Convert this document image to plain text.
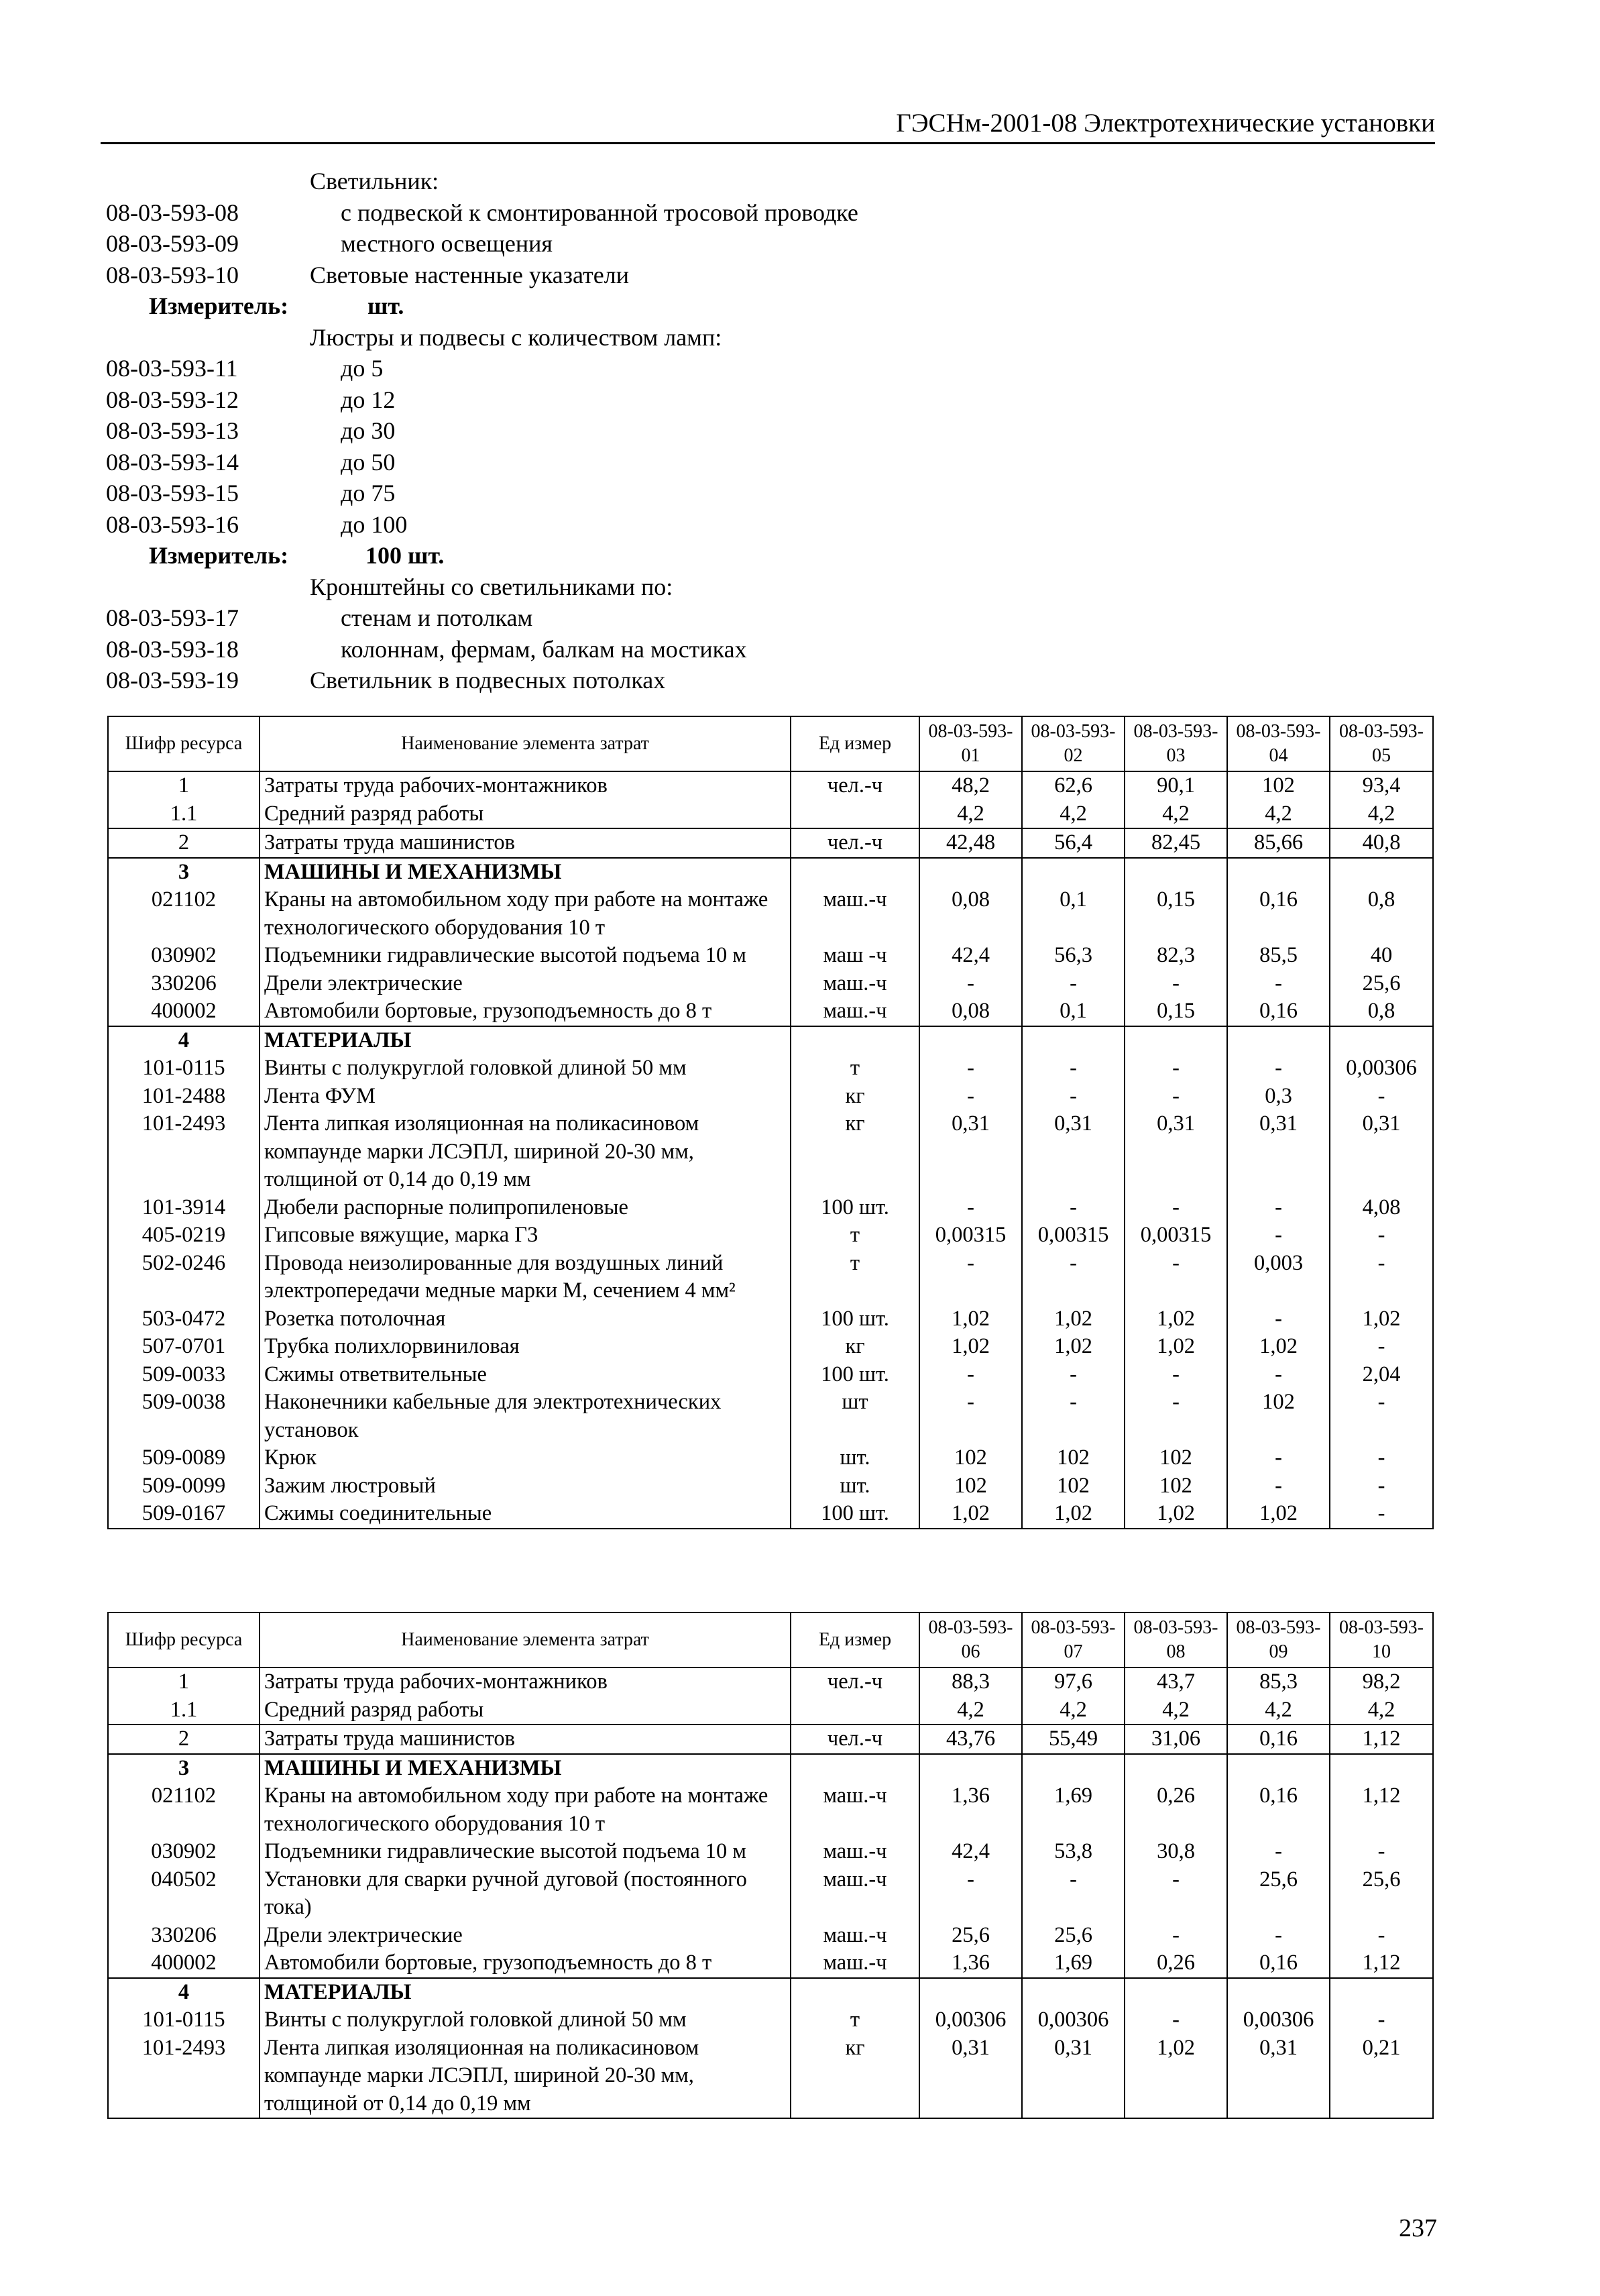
ГЭСНм-2001-08 Электротехнические установки
Светильник:
08-03-593-08	с подвеской к смонтированной тросовой проводке
08-03-593-09	местного освещения
08-03-593-10	Световые настенные указатели
Измеритель:	шт.
Люстры и подвесы с количеством ламп:
08-03-593-11	до 5
08-03-593-12	до 12
08-03-593-13	до 30
08-03-593-14	до 50
08-03-593-15	до 75
08-03-593-16	до 100
Измеритель:	100 шт.
Кронштейны со светильниками по:
08-03-593-17	стенам и потолкам
08-03-593-18	колоннам, фермам, балкам на мостиках
08-03-593-19	Светильник в подвесных потолках
Шифр ресурса	Наименование элемента затрат	Ед измер	08-03-593-01	08-03-593-02	08-03-593-03	08-03-593-04	08-03-593-05
1	Затраты труда рабочих-монтажников	чел.-ч	48,2	62,6	90,1	102	93,4
1.1	Средний разряд работы		4,2	4,2	4,2	4,2	4,2
2	Затраты труда машинистов	чел.-ч	42,48	56,4	82,45	85,66	40,8
3	МАШИНЫ И МЕХАНИЗМЫ						
021102	Краны на автомобильном ходу при работе на монтаже технологического оборудования 10 т	маш.-ч	0,08	0,1	0,15	0,16	0,8
030902	Подъемники гидравлические высотой подъема 10 м	маш -ч	42,4	56,3	82,3	85,5	40
330206	Дрели электрические	маш.-ч	-	-	-	-	25,6
400002	Автомобили бортовые, грузоподъемность до 8 т	маш.-ч	0,08	0,1	0,15	0,16	0,8
4	МАТЕРИАЛЫ						
101-0115	Винты с полукруглой головкой длиной 50 мм	т	-	-	-	-	0,00306
101-2488	Лента ФУМ	кг	-	-	-	0,3	-
101-2493	Лента липкая изоляционная на поликасиновом компаунде марки ЛСЭПЛ, шириной 20-30 мм, толщиной от 0,14 до 0,19 мм	кг	0,31	0,31	0,31	0,31	0,31
101-3914	Дюбели распорные полипропиленовые	100 шт.	-	-	-	-	4,08
405-0219	Гипсовые вяжущие, марка Г3	т	0,00315	0,00315	0,00315	-	-
502-0246	Провода неизолированные для воздушных линий электропередачи медные марки М, сечением 4 мм²	т	-	-	-	0,003	-
503-0472	Розетка потолочная	100 шт.	1,02	1,02	1,02	-	1,02
507-0701	Трубка полихлорвиниловая	кг	1,02	1,02	1,02	1,02	-
509-0033	Сжимы ответвительные	100 шт.	-	-	-	-	2,04
509-0038	Наконечники кабельные для электротехнических установок	шт	-	-	-	102	-
509-0089	Крюк	шт.	102	102	102	-	-
509-0099	Зажим люстровый	шт.	102	102	102	-	-
509-0167	Сжимы соединительные	100 шт.	1,02	1,02	1,02	1,02	-
Шифр ресурса	Наименование элемента затрат	Ед измер	08-03-593-06	08-03-593-07	08-03-593-08	08-03-593-09	08-03-593-10
1	Затраты труда рабочих-монтажников	чел.-ч	88,3	97,6	43,7	85,3	98,2
1.1	Средний разряд работы		4,2	4,2	4,2	4,2	4,2
2	Затраты труда машинистов	чел.-ч	43,76	55,49	31,06	0,16	1,12
3	МАШИНЫ И МЕХАНИЗМЫ						
021102	Краны на автомобильном ходу при работе на монтаже технологического оборудования 10 т	маш.-ч	1,36	1,69	0,26	0,16	1,12
030902	Подъемники гидравлические высотой подъема 10 м	маш.-ч	42,4	53,8	30,8	-	-
040502	Установки для сварки ручной дуговой (постоянного тока)	маш.-ч	-	-	-	25,6	25,6
330206	Дрели электрические	маш.-ч	25,6	25,6	-	-	-
400002	Автомобили бортовые, грузоподъемность до 8 т	маш.-ч	1,36	1,69	0,26	0,16	1,12
4	МАТЕРИАЛЫ						
101-0115	Винты с полукруглой головкой длиной 50 мм	т	0,00306	0,00306	-	0,00306	-
101-2493	Лента липкая изоляционная на поликасиновом компаунде марки ЛСЭПЛ, шириной 20-30 мм, толщиной от 0,14 до 0,19 мм	кг	0,31	0,31	1,02	0,31	0,21
237
